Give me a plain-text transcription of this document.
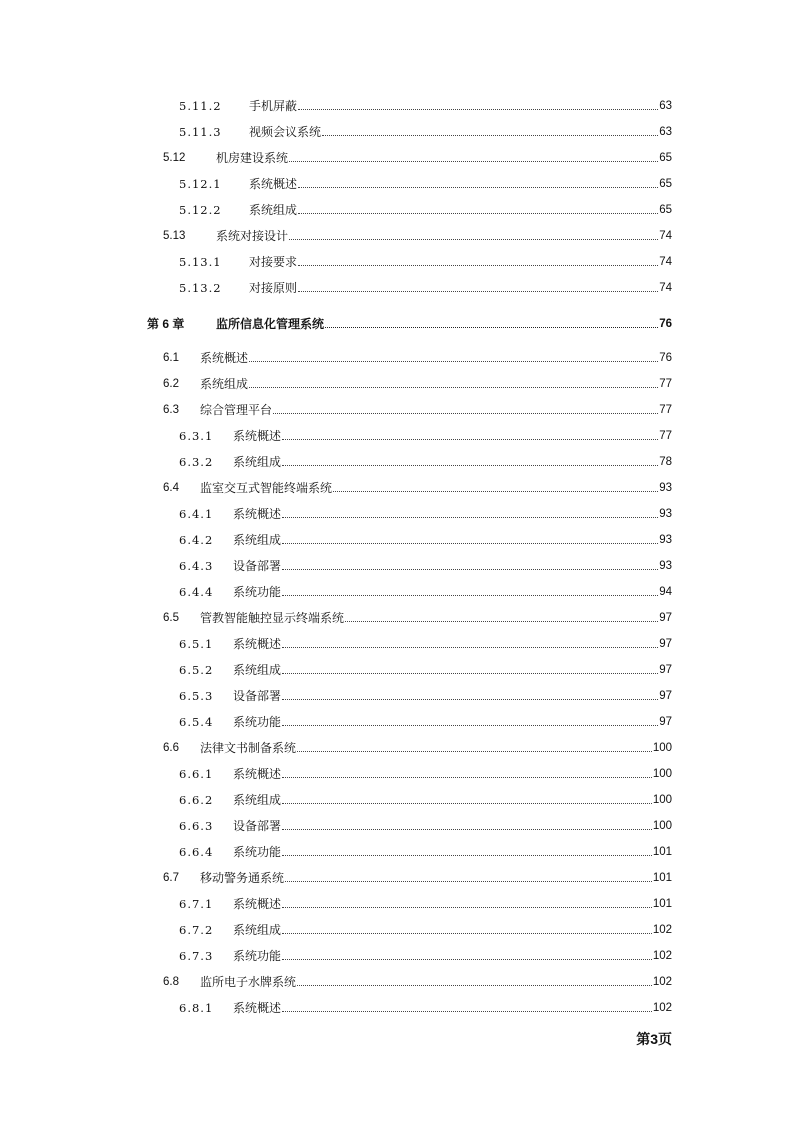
5.11.2	手机屏蔽	63
5.11.3	视频会议系统	63
5.12	机房建设系统	65
5.12.1	系统概述	65
5.12.2	系统组成	65
5.13	系统对接设计	74
5.13.1	对接要求	74
5.13.2	对接原则	74
第 6 章	监所信息化管理系统	76
6.1	系统概述	76
6.2	系统组成	77
6.3	综合管理平台	77
6.3.1	系统概述	77
6.3.2	系统组成	78
6.4	监室交互式智能终端系统	93
6.4.1	系统概述	93
6.4.2	系统组成	93
6.4.3	设备部署	93
6.4.4	系统功能	94
6.5	管教智能触控显示终端系统	97
6.5.1	系统概述	97
6.5.2	系统组成	97
6.5.3	设备部署	97
6.5.4	系统功能	97
6.6	法律文书制备系统	100
6.6.1	系统概述	100
6.6.2	系统组成	100
6.6.3	设备部署	100
6.6.4	系统功能	101
6.7	移动警务通系统	101
6.7.1	系统概述	101
6.7.2	系统组成	102
6.7.3	系统功能	102
6.8	监所电子水牌系统	102
6.8.1	系统概述	102
第3页
